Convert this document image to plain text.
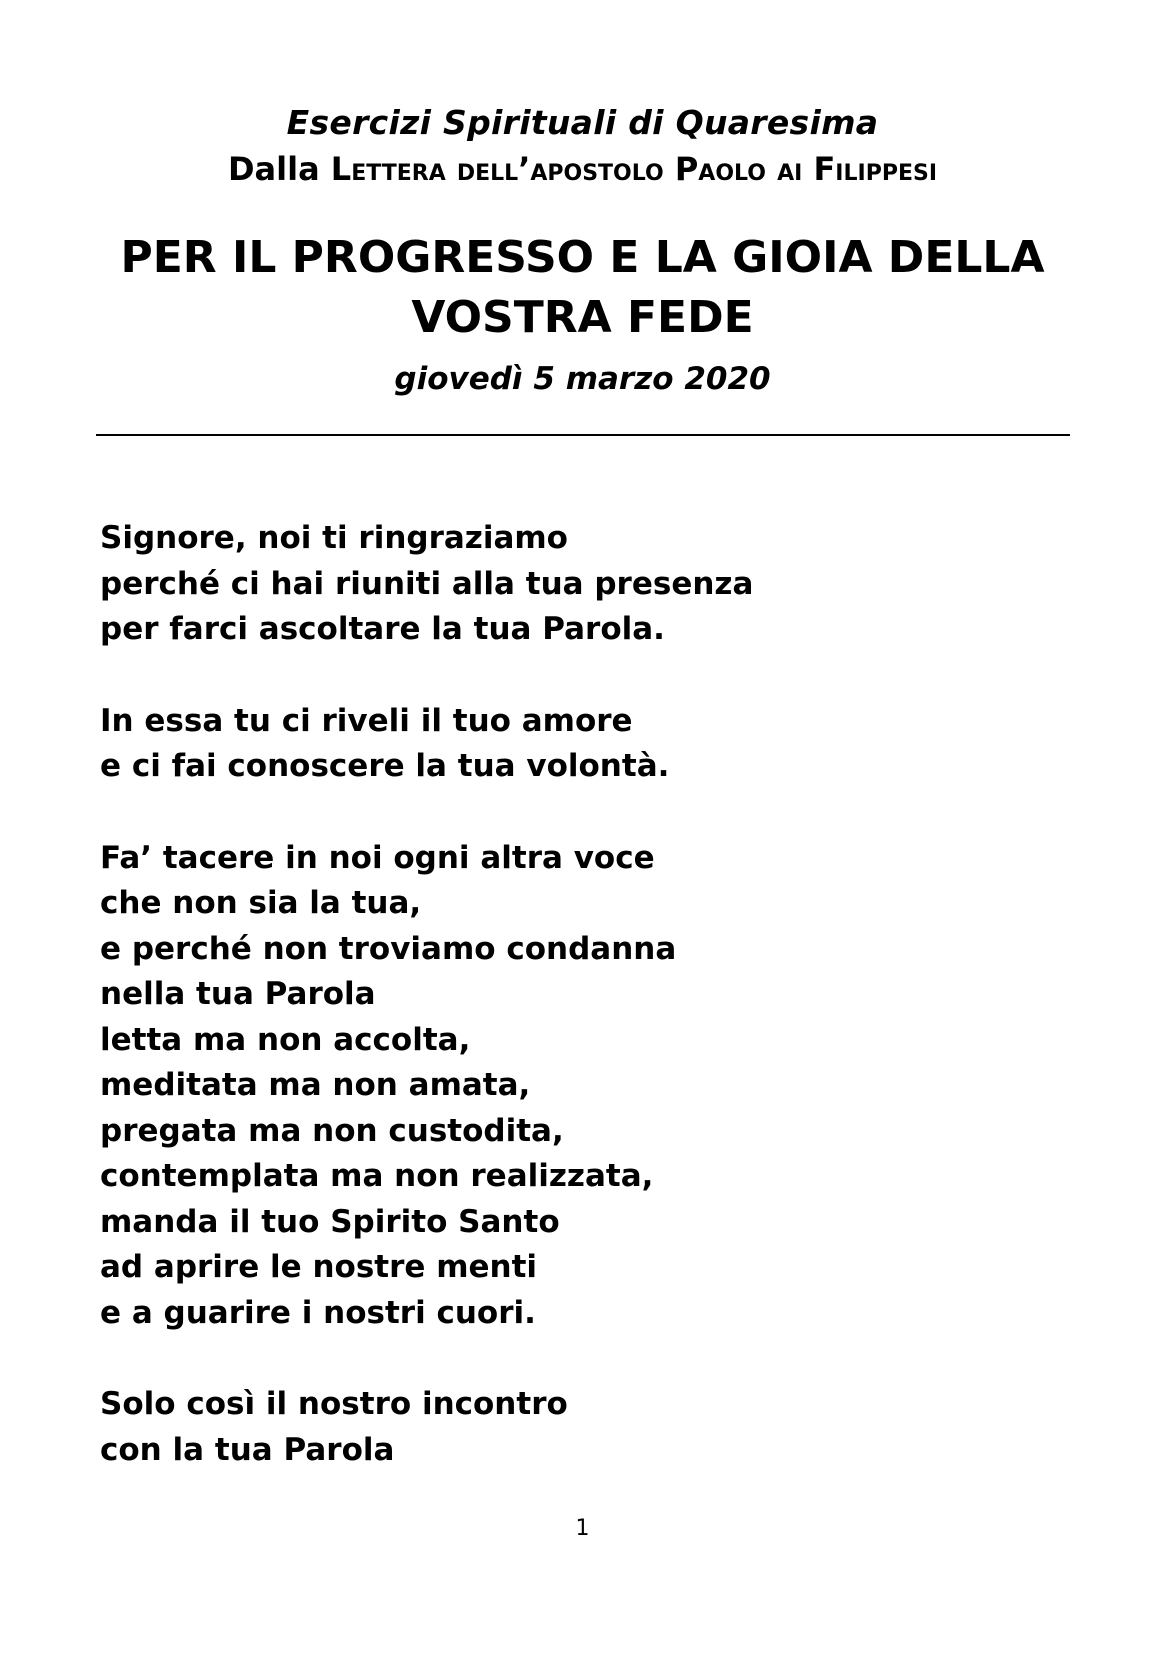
Esercizi Spirituali di Quaresima

Dalla Lettera dell’apostolo Paolo ai Filippesi

PER IL PROGRESSO E LA GIOIA DELLA
VOSTRA FEDE

giovedì 5 marzo 2020

Signore, noi ti ringraziamo
perché ci hai riuniti alla tua presenza
per farci ascoltare la tua Parola.
In essa tu ci riveli il tuo amore
e ci fai conoscere la tua volontà.
Fa’ tacere in noi ogni altra voce
che non sia la tua,
e perché non troviamo condanna
nella tua Parola
letta ma non accolta,
meditata ma non amata,
pregata ma non custodita,
contemplata ma non realizzata,
manda il tuo Spirito Santo
ad aprire le nostre menti
e a guarire i nostri cuori.
Solo così il nostro incontro
con la tua Parola
1
